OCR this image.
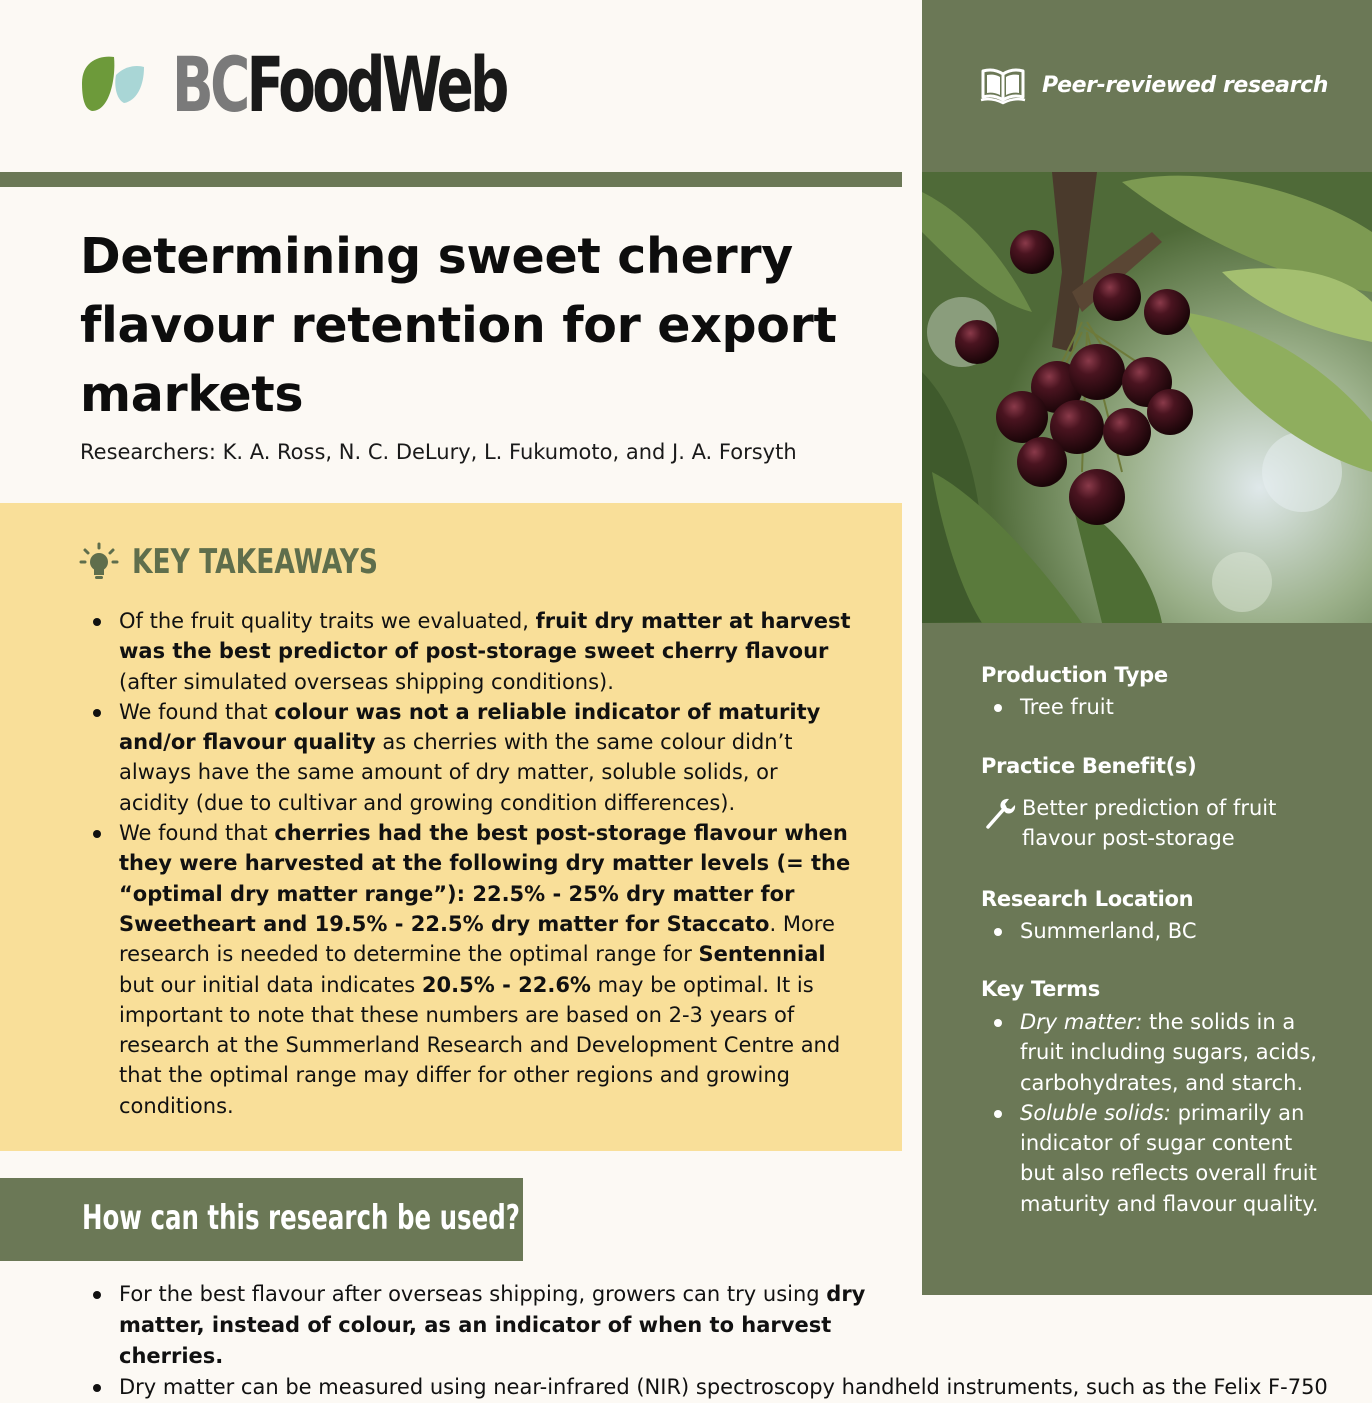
BCFoodWeb
Determining sweet cherry flavour retention for export markets

Researchers: K. A. Ross, N. C. DeLury, L. Fukumoto, and J. A. Forsyth

KEY TAKEAWAYS
Of the fruit quality traits we evaluated, fruit dry matter at harvest was the best predictor of post-storage sweet cherry flavour (after simulated overseas shipping conditions).
We found that colour was not a reliable indicator of maturity and/or flavour quality as cherries with the same colour didn’t always have the same amount of dry matter, soluble solids, or acidity (due to cultivar and growing condition differences).
We found that cherries had the best post-storage flavour when they were harvested at the following dry matter levels (= the “optimal dry matter range”): 22.5% - 25% dry matter for Sweetheart and 19.5% - 22.5% dry matter for Staccato. More research is needed to determine the optimal range for Sentennial but our initial data indicates 20.5% - 22.6% may be optimal. It is important to note that these numbers are based on 2-3 years of research at the Summerland Research and Development Centre and that the optimal range may differ for other regions and growing conditions.
How can this research be used?
For the best flavour after overseas shipping, growers can try using dry matter, instead of colour, as an indicator of when to harvest cherries.
Dry matter can be measured using near-infrared (NIR) spectroscopy handheld instruments, such as the Felix F-750
Peer-reviewed research
Production Type
Tree fruit
Practice Benefit(s)
Better prediction of fruit flavour post-storage
Research Location
Summerland, BC
Key Terms
Dry matter: the solids in a fruit including sugars, acids, carbohydrates, and starch.
Soluble solids: primarily an indicator of sugar content but also reflects overall fruit maturity and flavour quality.
